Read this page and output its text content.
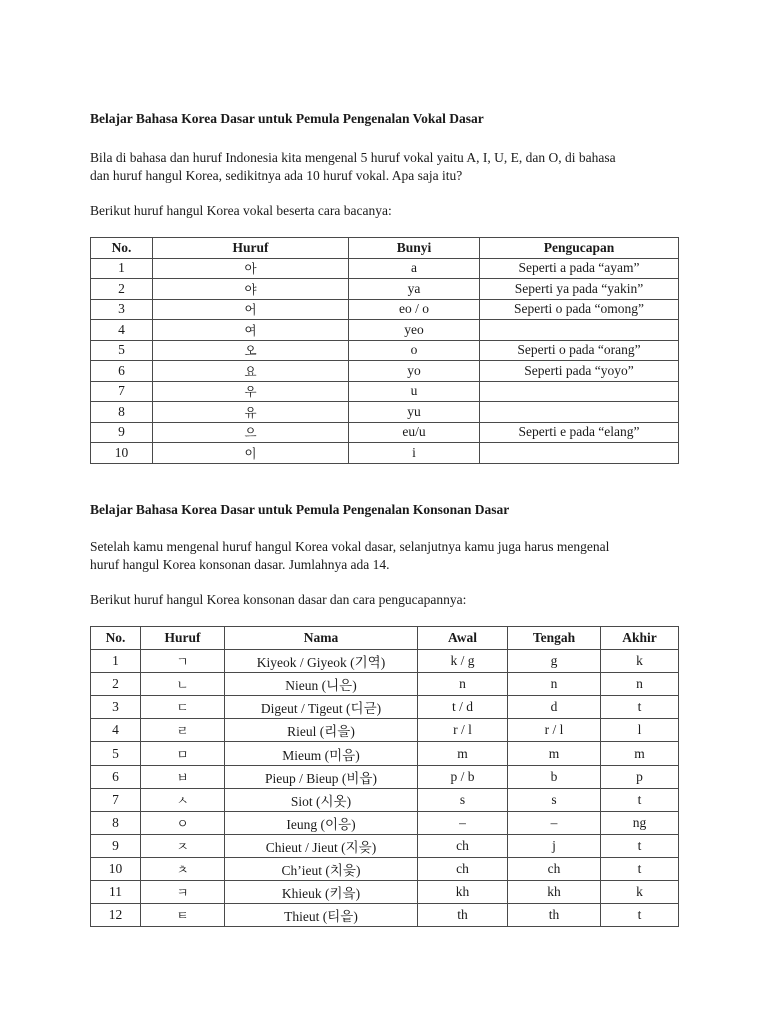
Belajar Bahasa Korea Dasar untuk Pemula Pengenalan Vokal Dasar
Bila di bahasa dan huruf Indonesia kita mengenal 5 huruf vokal yaitu A, I, U, E, dan O, di bahasa
dan huruf hangul Korea, sedikitnya ada 10 huruf vokal. Apa saja itu?
Berikut huruf hangul Korea vokal beserta cara bacanya:
No.	Huruf	Bunyi	Pengucapan
1	아	a	Seperti a pada “ayam”
2	야	ya	Seperti ya pada “yakin”
3	어	eo / o	Seperti o pada “omong”
4	여	yeo	
5	오	o	Seperti o pada “orang”
6	요	yo	Seperti pada “yoyo”
7	우	u	
8	유	yu	
9	으	eu/u	Seperti e pada “elang”
10	이	i	
Belajar Bahasa Korea Dasar untuk Pemula Pengenalan Konsonan Dasar
Setelah kamu mengenal huruf hangul Korea vokal dasar, selanjutnya kamu juga harus mengenal
huruf hangul Korea konsonan dasar. Jumlahnya ada 14.
Berikut huruf hangul Korea konsonan dasar dan cara pengucapannya:
No.	Huruf	Nama	Awal	Tengah	Akhir
1	ㄱ	Kiyeok / Giyeok (기역)	k / g	g	k
2	ㄴ	Nieun (니은)	n	n	n
3	ㄷ	Digeut / Tigeut (디귿)	t / d	d	t
4	ㄹ	Rieul (리을)	r / l	r / l	l
5	ㅁ	Mieum (미음)	m	m	m
6	ㅂ	Pieup / Bieup (비읍)	p / b	b	p
7	ㅅ	Siot (시옷)	s	s	t
8	ㅇ	Ieung (이응)	–	–	ng
9	ㅈ	Chieut / Jieut (지읒)	ch	j	t
10	ㅊ	Ch’ieut (치읓)	ch	ch	t
11	ㅋ	Khieuk (키읔)	kh	kh	k
12	ㅌ	Thieut (티읕)	th	th	t
